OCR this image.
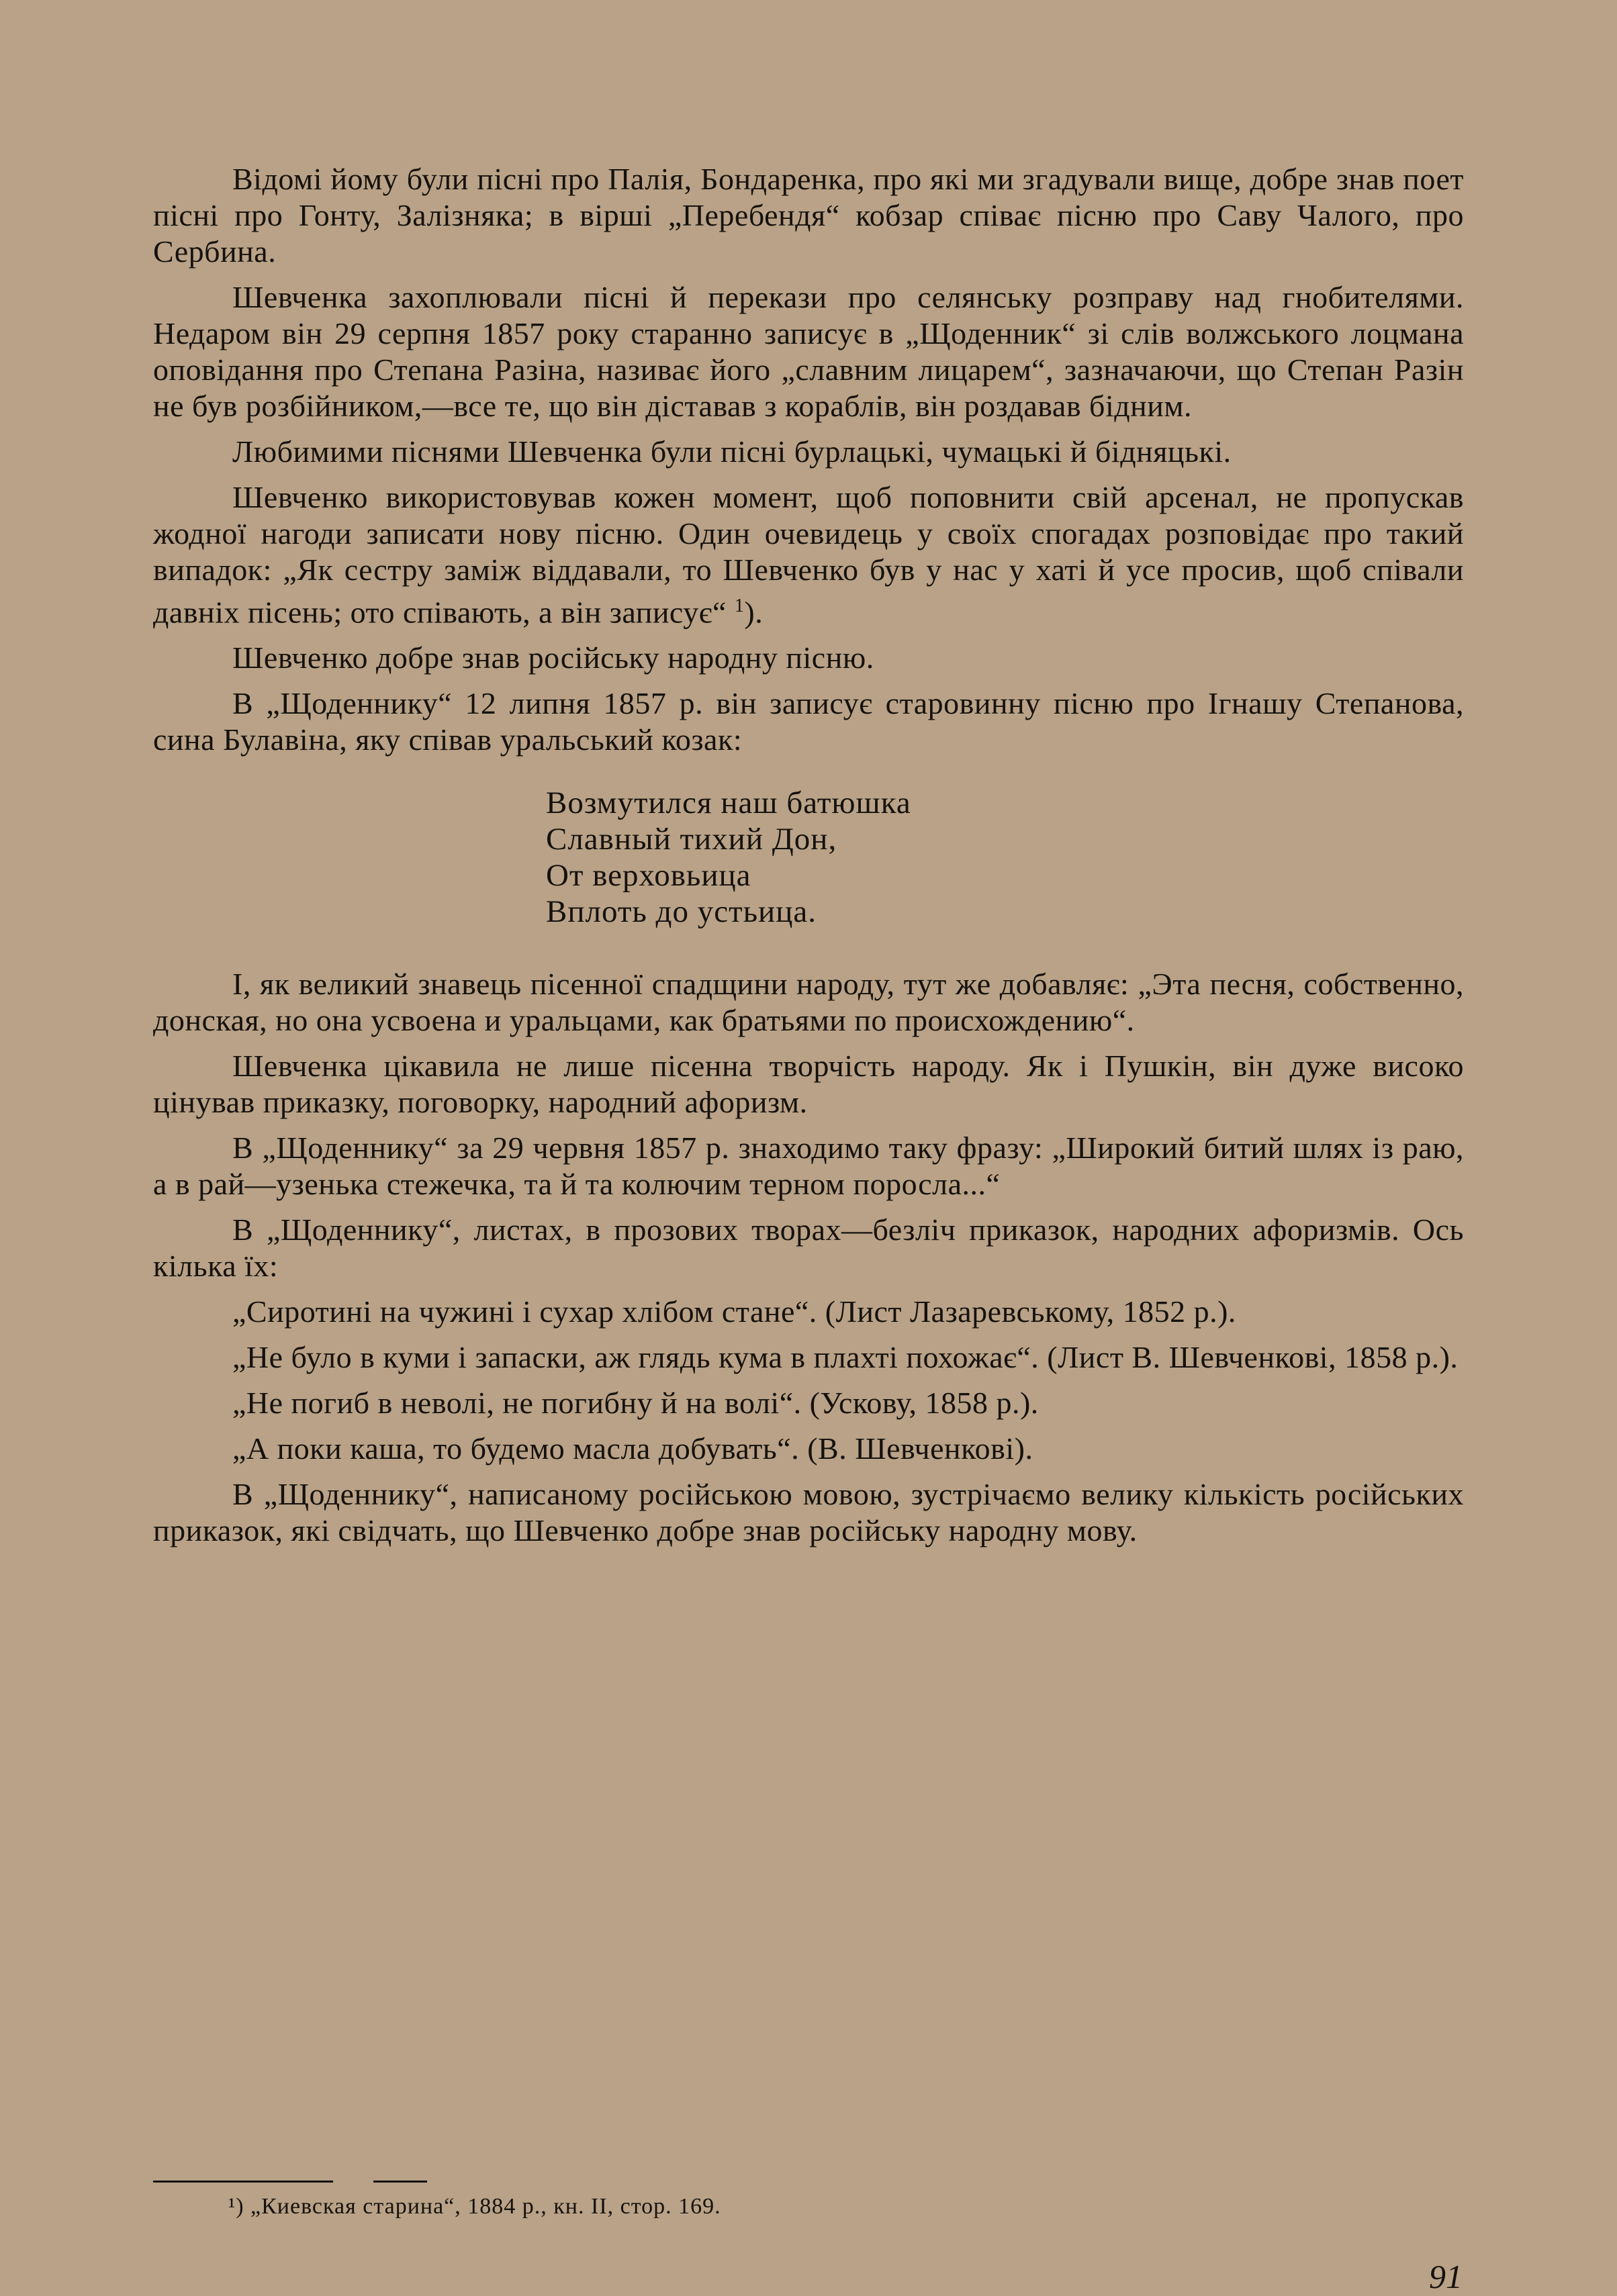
Відомі йому були пісні про Палія, Бондаренка, про які ми згадували вище, добре знав поет пісні про Гонту, Залізняка; в вірші „Перебендя“ кобзар співає пісню про Саву Чалого, про Сербина.

Шевченка захоплювали пісні й перекази про селянську розправу над гнобителями. Недаром він 29 серпня 1857 року старанно записує в „Щоденник“ зі слів волжського лоцмана оповідання про Степана Разіна, називає його „славним лицарем“, зазначаючи, що Степан Разін не був розбійником,—все те, що він діставав з кораблів, він роздавав бідним.

Любимими піснями Шевченка були пісні бурлацькі, чумацькі й бідняцькі.

Шевченко використовував кожен момент, щоб поповнити свій арсенал, не пропускав жодної нагоди записати нову пісню. Один очевидець у своїх спогадах розповідає про такий випадок: „Як сестру заміж віддавали, то Шевченко був у нас у хаті й усе просив, щоб співали давніх пісень; ото співають, а він записує“ $^1$).

Шевченко добре знав російську народну пісню.

В „Щоденнику“ 12 липня 1857 р. він записує старовинну пісню про Ігнашу Степанова, сина Булавіна, яку співав уральський козак:

Возмутился наш батюшка
Славный тихий Дон,
От верховьица
Вплоть до устьица.

І, як великий знавець пісенної спадщини народу, тут же добавляє: „Эта песня, собственно, донская, но она усвоена и уральцами, как братьями по происхождению“.

Шевченка цікавила не лише пісенна творчість народу. Як і Пушкін, він дуже високо цінував приказку, поговорку, народний афоризм.

В „Щоденнику“ за 29 червня 1857 р. знаходимо таку фразу: „Широкий битий шлях із раю, а в рай—узенька стежечка, та й та колючим терном поросла...“

В „Щоденнику“, листах, в прозових творах—безліч приказок, народних афоризмів. Ось кілька їх:

„Сиротині на чужині і сухар хлібом стане“. (Лист Лазаревському, 1852 р.).

„Не було в куми і запаски, аж глядь кума в плахті похожає“. (Лист В. Шевченкові, 1858 р.).

„Не погиб в неволі, не погибну й на волі“. (Ускову, 1858 р.).

„А поки каша, то будемо масла добувать“. (В. Шевченкові).

В „Щоденнику“, написаному російською мовою, зустрічаємо велику кількість російських приказок, які свідчать, що Шевченко добре знав російську народну мову.

¹) „Киевская старина“, 1884 р., кн. II, стор. 169.
91
